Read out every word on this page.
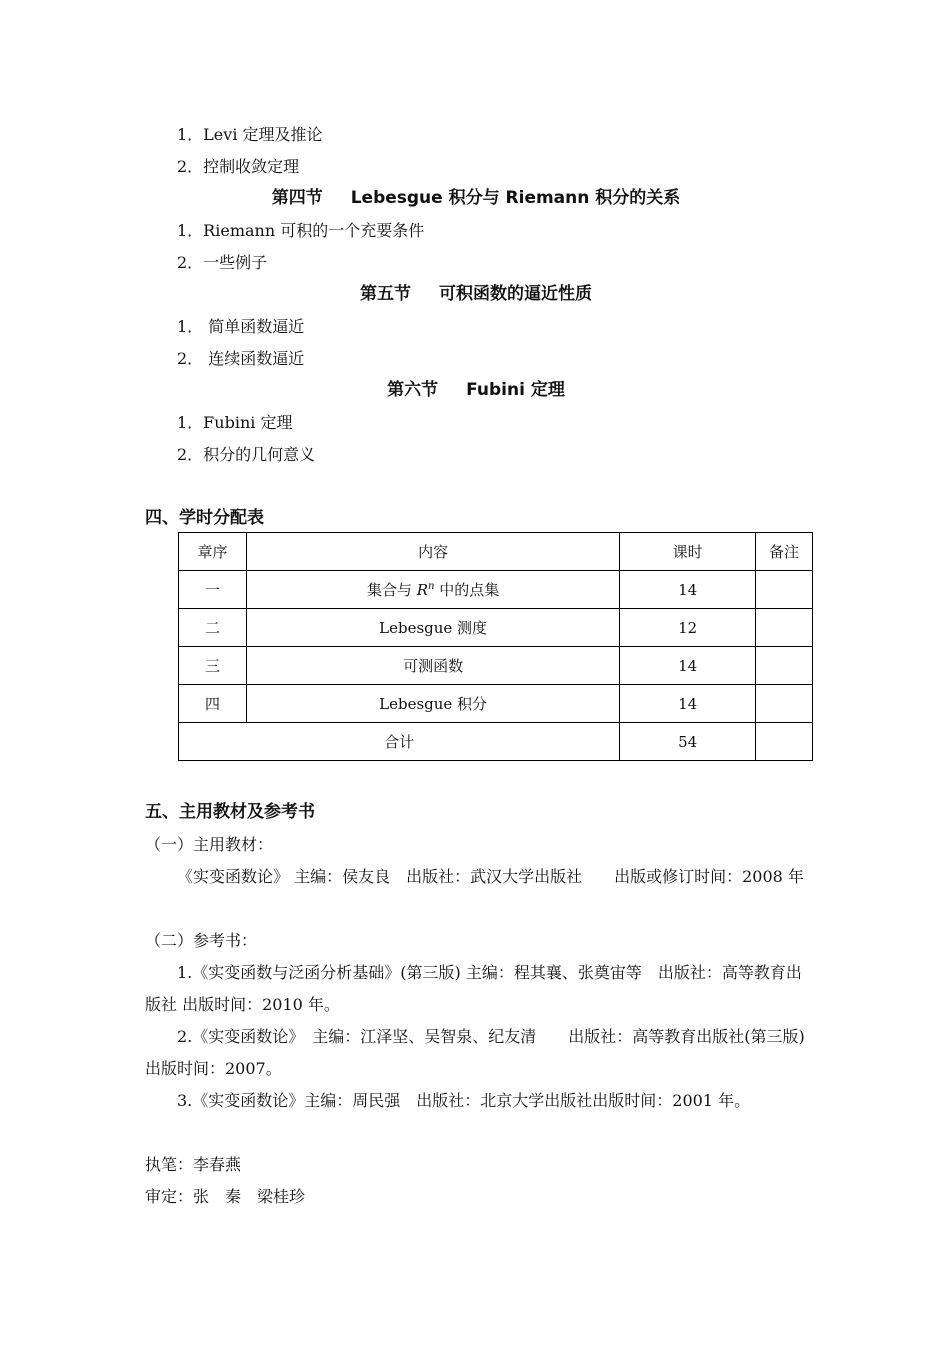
1．Levi 定理及推论
2．控制收敛定理
第四节 Lebesgue 积分与 Riemann 积分的关系
1．Riemann 可积的一个充要条件
2．一些例子
第五节 可积函数的逼近性质
1． 简单函数逼近
2． 连续函数逼近
第六节 Fubini 定理
1．Fubini 定理
2．积分的几何意义
四、学时分配表
章序	内容	课时	备注
一	集合与 $R^n$ 中的点集	14	
二	Lebesgue 测度	12	
三	可测函数	14	
四	Lebesgue 积分	14	
合计		54	
五、主用教材及参考书
（一）主用教材：
《实变函数论》 主编：侯友良　出版社：武汉大学出版社　　出版或修订时间：2008 年
（二）参考书：
1.《实变函数与泛函分析基础》(第三版) 主编：程其襄、张奠宙等　出版社：高等教育出版社 出版时间：2010 年。
2.《实变函数论》　主编：江泽坚、吴智泉、纪友清　　出版社：高等教育出版社(第三版)　　出版时间：2007。
3.《实变函数论》主编：周民强　出版社：北京大学出版社出版时间：2001 年。
执笔：李春燕
审定：张　秦　梁桂珍
